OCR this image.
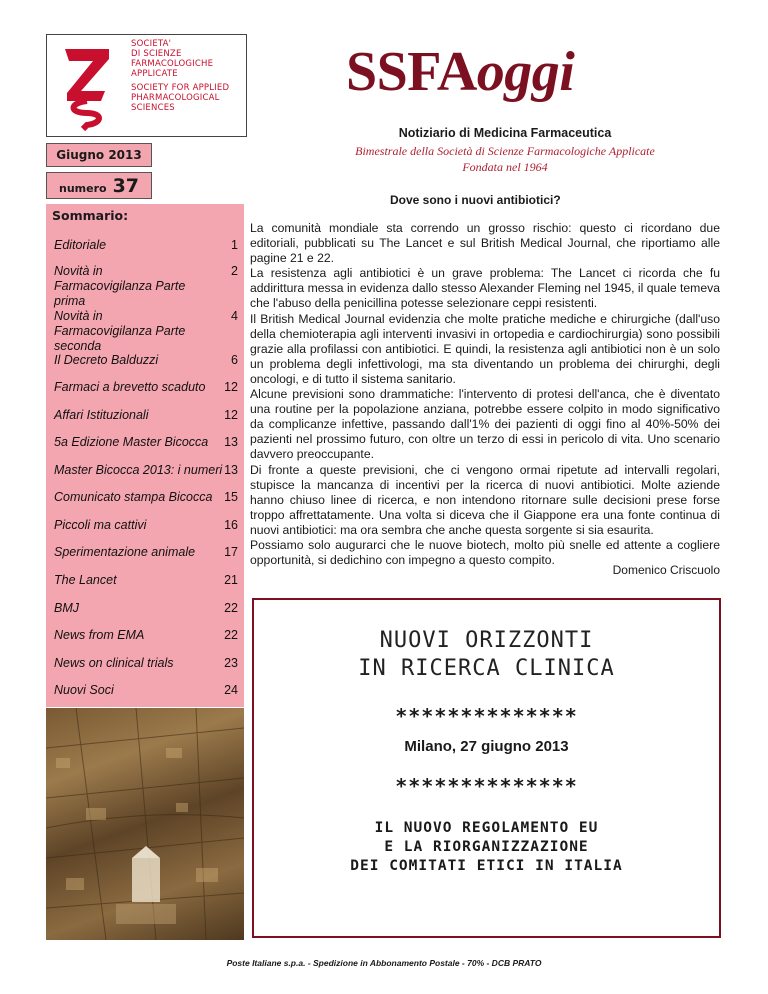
SOCIETA'
DI SCIENZE
FARMACOLOGICHE
APPLICATE
SOCIETY FOR APPLIED
PHARMACOLOGICAL
SCIENCES
SSFAoggi
Notiziario di Medicina Farmaceutica
Bimestrale della Società di Scienze Farmacologiche Applicate
Fondata nel 1964
Giugno 2013
numero 37
Sommario:
Editoriale	1
Novità in Farmacovigilanza Parte prima
2
Novità in Farmacovigilanza Parte seconda
4
Il Decreto Balduzzi	6
Farmaci a brevetto scaduto 12
Affari Istituzionali	12
5a Edizione Master Bicocca 13
Master Bicocca 2013: i numeri 13
Comunicato stampa Bicocca 15
Piccoli ma cattivi	16
Sperimentazione animale 17
The Lancet	21
BMJ	22
News from EMA	22
News on clinical trials	23
Nuovi Soci	24
Dove sono i nuovi antibiotici?

La comunità mondiale sta correndo un grosso rischio: questo ci ricordano due editoriali, pubblicati su The Lancet e sul British Medical Journal, che riportiamo alle pagine 21 e 22.

La resistenza agli antibiotici è un grave problema: The Lancet ci ricorda che fu addirittura messa in evidenza dallo stesso Alexander Fleming nel 1945, il quale temeva che l'abuso della penicillina potesse selezionare ceppi resistenti.

Il British Medical Journal evidenzia che molte pratiche mediche e chirurgiche (dall'uso della chemioterapia agli interventi invasivi in ortopedia e cardiochirurgia) sono possibili grazie alla profilassi con antibiotici. E quindi, la resistenza agli antibiotici non è un solo un problema degli infettivologi, ma sta diventando un problema dei chirurghi, degli oncologi, e di tutto il sistema sanitario.

Alcune previsioni sono drammatiche: l'intervento di protesi dell'anca, che è diventato una routine per la popolazione anziana, potrebbe essere colpito in modo significativo da complicanze infettive, passando dall'1% dei pazienti di oggi fino al 40%-50% dei pazienti nel prossimo futuro, con oltre un terzo di essi in pericolo di vita. Uno scenario davvero preoccupante.

Di fronte a queste previsioni, che ci vengono ormai ripetute ad intervalli regolari, stupisce la mancanza di incentivi per la ricerca di nuovi antibiotici. Molte aziende hanno chiuso linee di ricerca, e non intendono ritornare sulle decisioni prese forse troppo affrettatamente. Una volta si diceva che il Giappone era una fonte continua di nuovi antibiotici: ma ora sembra che anche questa sorgente si sia esaurita.

Possiamo solo augurarci che le nuove biotech, molto più snelle ed attente a cogliere opportunità, si dedichino con impegno a questo compito.

Domenico Criscuolo
NUOVI ORIZZONTI
IN RICERCA CLINICA
**************
Milano, 27 giugno 2013
**************
IL NUOVO REGOLAMENTO EU
E LA RIORGANIZZAZIONE
DEI COMITATI ETICI IN ITALIA
Poste Italiane s.p.a. - Spedizione in Abbonamento Postale - 70% - DCB PRATO
